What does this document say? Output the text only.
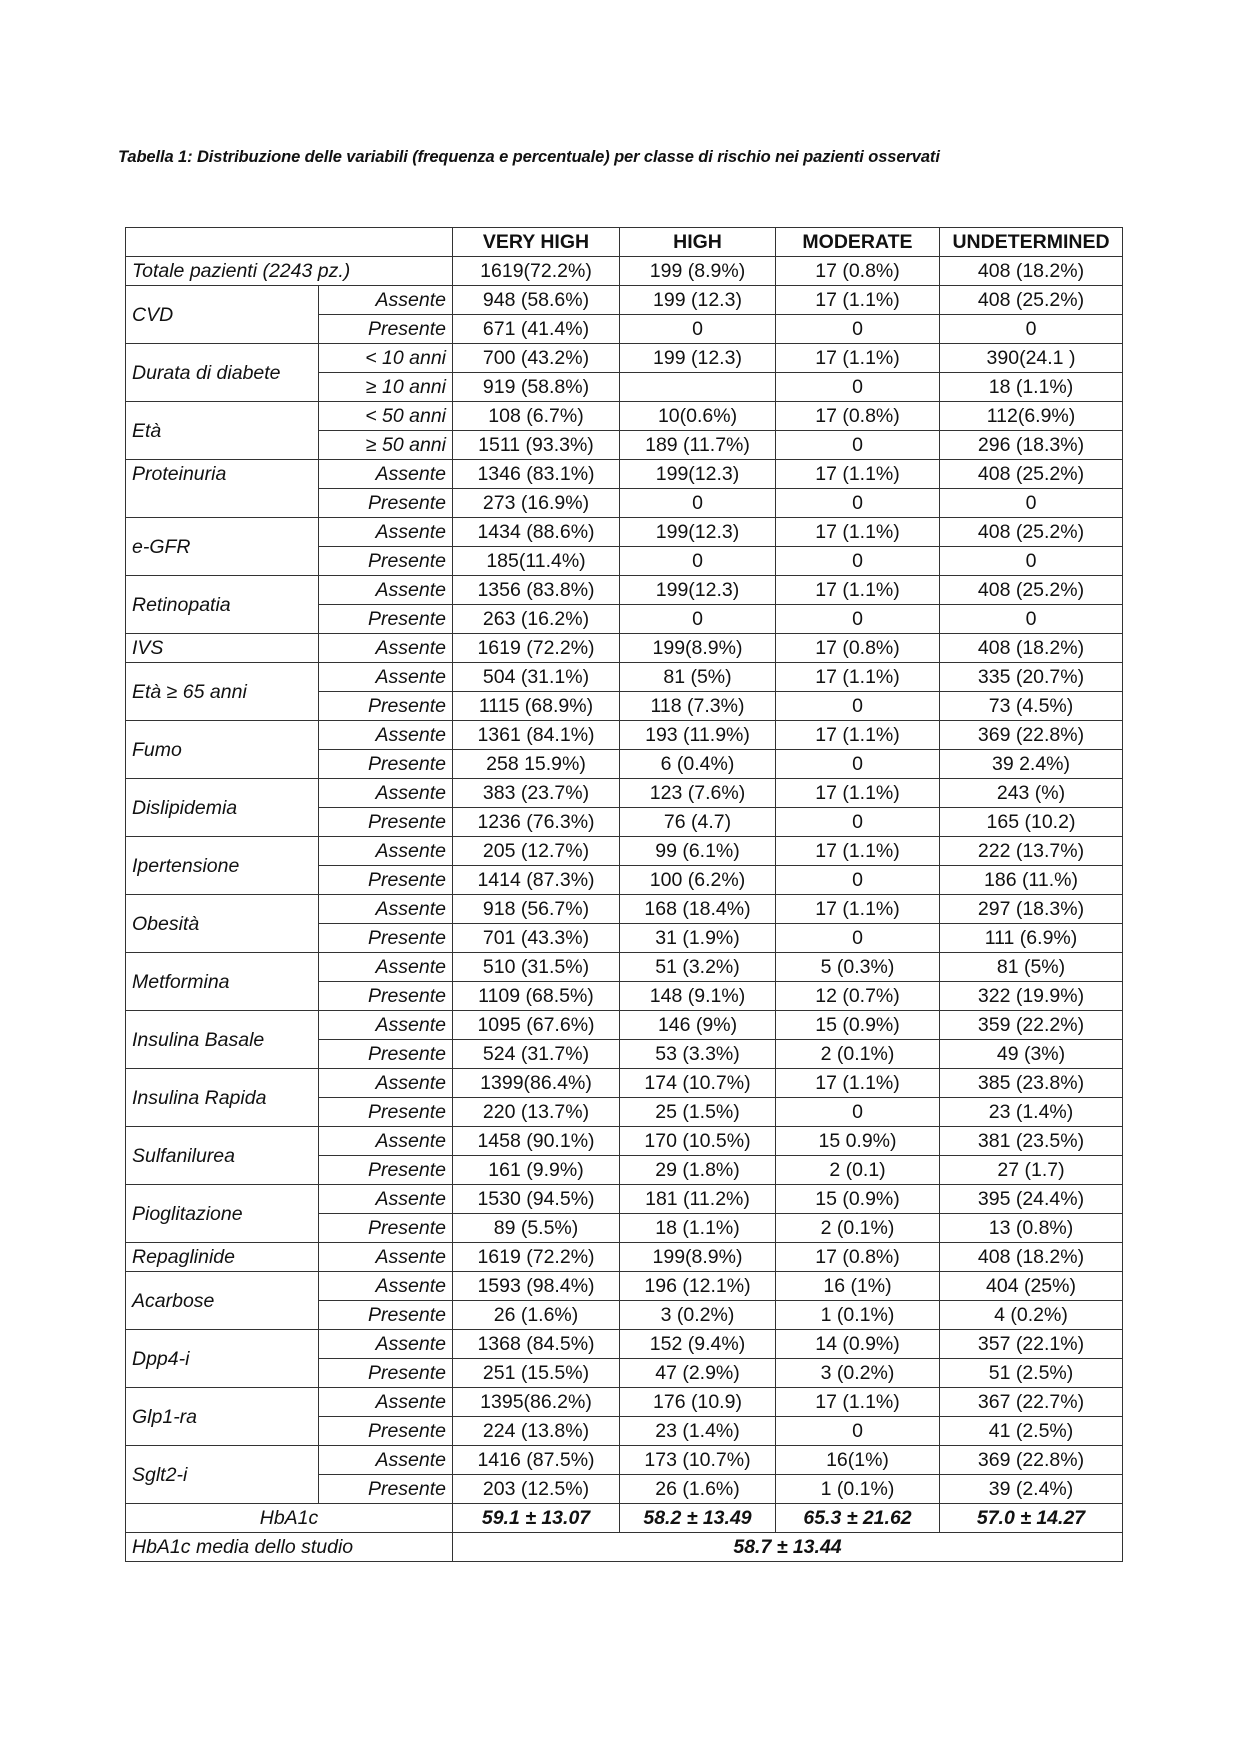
Tabella 1: Distribuzione delle variabili (frequenza e percentuale) per classe di rischio nei pazienti osservati
		VERY HIGH	HIGH	MODERATE	UNDETERMINED
Totale pazienti (2243 pz.)		1619(72.2%)	199 (8.9%)	17 (0.8%)	408 (18.2%)
CVD	Assente	948 (58.6%)	199 (12.3)	17 (1.1%)	408 (25.2%)
	Presente	671 (41.4%)	0	0	0
Durata di diabete	< 10 anni	700 (43.2%)	199 (12.3)	17 (1.1%)	390(24.1 )
	≥ 10 anni	919 (58.8%)		0	18 (1.1%)
Età	< 50 anni	108 (6.7%)	10(0.6%)	17 (0.8%)	112(6.9%)
	≥ 50 anni	1511 (93.3%)	189 (11.7%)	0	296 (18.3%)
Proteinuria	Assente	1346 (83.1%)	199(12.3)	17 (1.1%)	408 (25.2%)
	Presente	273 (16.9%)	0	0	0
e-GFR	Assente	1434 (88.6%)	199(12.3)	17 (1.1%)	408 (25.2%)
	Presente	185(11.4%)	0	0	0
Retinopatia	Assente	1356 (83.8%)	199(12.3)	17 (1.1%)	408 (25.2%)
	Presente	263 (16.2%)	0	0	0
IVS	Assente	1619 (72.2%)	199(8.9%)	17 (0.8%)	408 (18.2%)
Età ≥ 65 anni	Assente	504 (31.1%)	81 (5%)	17 (1.1%)	335 (20.7%)
	Presente	1115 (68.9%)	118 (7.3%)	0	73 (4.5%)
Fumo	Assente	1361 (84.1%)	193 (11.9%)	17 (1.1%)	369 (22.8%)
	Presente	258 15.9%)	6 (0.4%)	0	39 2.4%)
Dislipidemia	Assente	383 (23.7%)	123 (7.6%)	17 (1.1%)	243 (%)
	Presente	1236 (76.3%)	76 (4.7)	0	165 (10.2)
Ipertensione	Assente	205 (12.7%)	99 (6.1%)	17 (1.1%)	222 (13.7%)
	Presente	1414 (87.3%)	100 (6.2%)	0	186 (11.%)
Obesità	Assente	918 (56.7%)	168 (18.4%)	17 (1.1%)	297 (18.3%)
	Presente	701 (43.3%)	31 (1.9%)	0	111 (6.9%)
Metformina	Assente	510 (31.5%)	51 (3.2%)	5 (0.3%)	81 (5%)
	Presente	1109 (68.5%)	148 (9.1%)	12 (0.7%)	322 (19.9%)
Insulina Basale	Assente	1095 (67.6%)	146 (9%)	15 (0.9%)	359 (22.2%)
	Presente	524 (31.7%)	53 (3.3%)	2 (0.1%)	49 (3%)
Insulina Rapida	Assente	1399(86.4%)	174 (10.7%)	17 (1.1%)	385 (23.8%)
	Presente	220 (13.7%)	25 (1.5%)	0	23 (1.4%)
Sulfanilurea	Assente	1458 (90.1%)	170 (10.5%)	15 0.9%)	381 (23.5%)
	Presente	161 (9.9%)	29 (1.8%)	2 (0.1)	27 (1.7)
Pioglitazione	Assente	1530 (94.5%)	181 (11.2%)	15 (0.9%)	395 (24.4%)
	Presente	89 (5.5%)	18 (1.1%)	2 (0.1%)	13 (0.8%)
Repaglinide	Assente	1619 (72.2%)	199(8.9%)	17 (0.8%)	408 (18.2%)
Acarbose	Assente	1593 (98.4%)	196 (12.1%)	16 (1%)	404 (25%)
	Presente	26 (1.6%)	3 (0.2%)	1 (0.1%)	4 (0.2%)
Dpp4-i	Assente	1368 (84.5%)	152 (9.4%)	14 (0.9%)	357 (22.1%)
	Presente	251 (15.5%)	47 (2.9%)	3 (0.2%)	51 (2.5%)
Glp1-ra	Assente	1395(86.2%)	176 (10.9)	17 (1.1%)	367 (22.7%)
	Presente	224 (13.8%)	23 (1.4%)	0	41 (2.5%)
Sglt2-i	Assente	1416 (87.5%)	173 (10.7%)	16(1%)	369 (22.8%)
	Presente	203 (12.5%)	26 (1.6%)	1 (0.1%)	39 (2.4%)
HbA1c		59.1 ± 13.07	58.2 ± 13.49	65.3 ± 21.62	57.0 ± 14.27
HbA1c media dello studio		58.7 ± 13.44			
